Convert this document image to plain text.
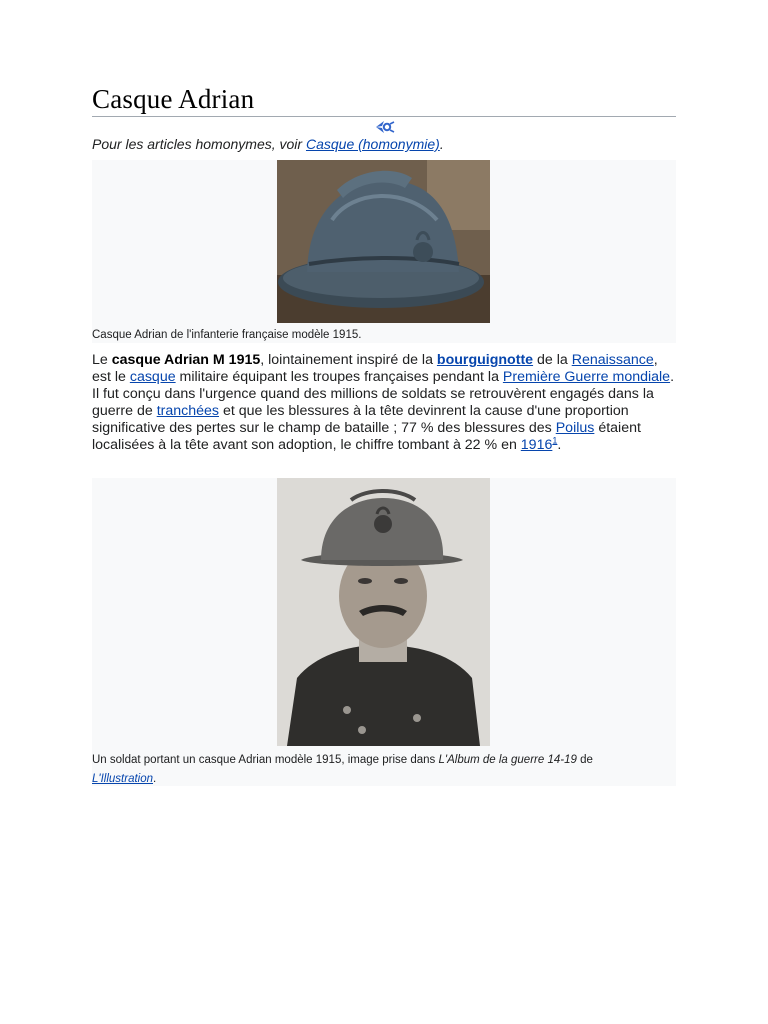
Casque Adrian
Pour les articles homonymes, voir Casque (homonymie).
Casque Adrian de l'infanterie française modèle 1915.
Le casque Adrian M 1915, lointainement inspiré de la bourguignotte de la Renaissance, est le casque militaire équipant les troupes françaises pendant la Première Guerre mondiale. Il fut conçu dans l'urgence quand des millions de soldats se retrouvèrent engagés dans la guerre de tranchées et que les blessures à la tête devinrent la cause d'une proportion significative des pertes sur le champ de bataille ; 77 % des blessures des Poilus étaient localisées à la tête avant son adoption, le chiffre tombant à 22 % en 1916$^1$.
Un soldat portant un casque Adrian modèle 1915, image prise dans L'Album de la guerre 14-19 de L'Illustration.
